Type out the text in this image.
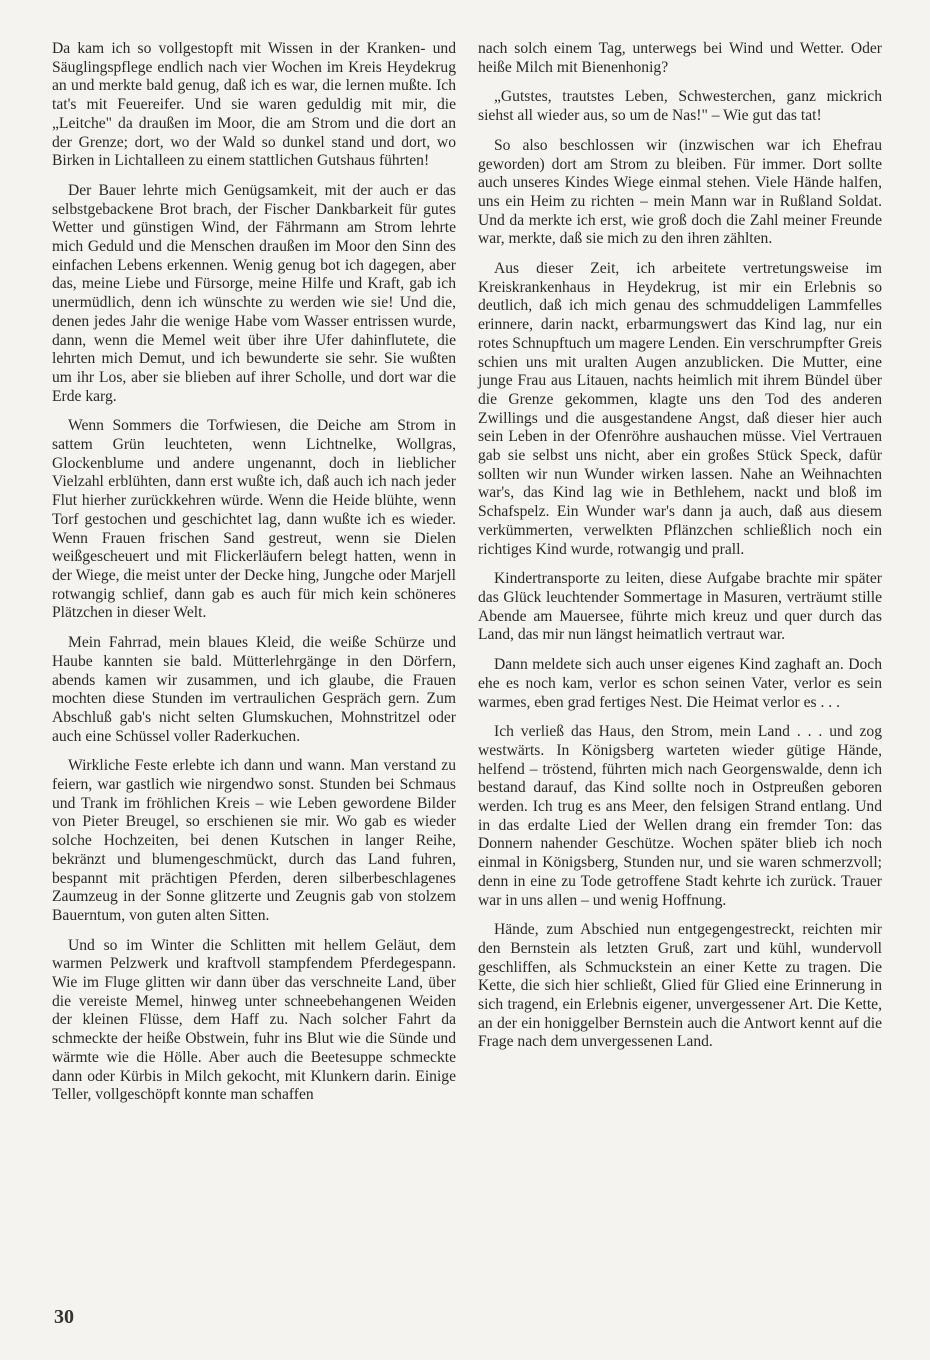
Da kam ich so vollgestopft mit Wissen in der Kranken- und Säuglingspflege endlich nach vier Wochen im Kreis Heydekrug an und merkte bald genug, daß ich es war, die lernen mußte. Ich tat's mit Feuereifer. Und sie waren geduldig mit mir, die „Leitche" da draußen im Moor, die am Strom und die dort an der Grenze; dort, wo der Wald so dunkel stand und dort, wo Birken in Lichtalleen zu einem stattlichen Gutshaus führten!

Der Bauer lehrte mich Genügsamkeit, mit der auch er das selbstgebackene Brot brach, der Fischer Dankbarkeit für gutes Wetter und günstigen Wind, der Fährmann am Strom lehrte mich Geduld und die Menschen draußen im Moor den Sinn des einfachen Lebens erkennen. Wenig genug bot ich dagegen, aber das, meine Liebe und Fürsorge, meine Hilfe und Kraft, gab ich unermüdlich, denn ich wünschte zu werden wie sie! Und die, denen jedes Jahr die wenige Habe vom Wasser entrissen wurde, dann, wenn die Memel weit über ihre Ufer dahinflutete, die lehrten mich Demut, und ich bewunderte sie sehr. Sie wußten um ihr Los, aber sie blieben auf ihrer Scholle, und dort war die Erde karg.

Wenn Sommers die Torfwiesen, die Deiche am Strom in sattem Grün leuchteten, wenn Lichtnelke, Wollgras, Glockenblume und andere ungenannt, doch in lieblicher Vielzahl erblühten, dann erst wußte ich, daß auch ich nach jeder Flut hierher zurückkehren würde. Wenn die Heide blühte, wenn Torf gestochen und geschichtet lag, dann wußte ich es wieder. Wenn Frauen frischen Sand gestreut, wenn sie Dielen weißgescheuert und mit Flickerläufern belegt hatten, wenn in der Wiege, die meist unter der Decke hing, Jungche oder Marjell rotwangig schlief, dann gab es auch für mich kein schöneres Plätzchen in dieser Welt.

Mein Fahrrad, mein blaues Kleid, die weiße Schürze und Haube kannten sie bald. Mütterlehrgänge in den Dörfern, abends kamen wir zusammen, und ich glaube, die Frauen mochten diese Stunden im vertraulichen Gespräch gern. Zum Abschluß gab's nicht selten Glumskuchen, Mohnstritzel oder auch eine Schüssel voller Raderkuchen.

Wirkliche Feste erlebte ich dann und wann. Man verstand zu feiern, war gastlich wie nirgendwo sonst. Stunden bei Schmaus und Trank im fröhlichen Kreis – wie Leben gewordene Bilder von Pieter Breugel, so erschienen sie mir. Wo gab es wieder solche Hochzeiten, bei denen Kutschen in langer Reihe, bekränzt und blumengeschmückt, durch das Land fuhren, bespannt mit prächtigen Pferden, deren silberbeschlagenes Zaumzeug in der Sonne glitzerte und Zeugnis gab von stolzem Bauerntum, von guten alten Sitten.

Und so im Winter die Schlitten mit hellem Geläut, dem warmen Pelzwerk und kraftvoll stampfendem Pferdegespann. Wie im Fluge glitten wir dann über das verschneite Land, über die vereiste Memel, hinweg unter schneebehangenen Weiden der kleinen Flüsse, dem Haff zu. Nach solcher Fahrt da schmeckte der heiße Obstwein, fuhr ins Blut wie die Sünde und wärmte wie die Hölle. Aber auch die Beetesuppe schmeckte dann oder Kürbis in Milch gekocht, mit Klunkern darin. Einige Teller, vollgeschöpft konnte man schaffen

nach solch einem Tag, unterwegs bei Wind und Wetter. Oder heiße Milch mit Bienenhonig?

„Gutstes, trautstes Leben, Schwesterchen, ganz mickrich siehst all wieder aus, so um de Nas!" – Wie gut das tat!

So also beschlossen wir (inzwischen war ich Ehefrau geworden) dort am Strom zu bleiben. Für immer. Dort sollte auch unseres Kindes Wiege einmal stehen. Viele Hände halfen, uns ein Heim zu richten – mein Mann war in Rußland Soldat. Und da merkte ich erst, wie groß doch die Zahl meiner Freunde war, merkte, daß sie mich zu den ihren zählten.

Aus dieser Zeit, ich arbeitete vertretungsweise im Kreiskrankenhaus in Heydekrug, ist mir ein Erlebnis so deutlich, daß ich mich genau des schmuddeligen Lammfelles erinnere, darin nackt, erbarmungswert das Kind lag, nur ein rotes Schnupftuch um magere Lenden. Ein verschrumpfter Greis schien uns mit uralten Augen anzublicken. Die Mutter, eine junge Frau aus Litauen, nachts heimlich mit ihrem Bündel über die Grenze gekommen, klagte uns den Tod des anderen Zwillings und die ausgestandene Angst, daß dieser hier auch sein Leben in der Ofenröhre aushauchen müsse. Viel Vertrauen gab sie selbst uns nicht, aber ein großes Stück Speck, dafür sollten wir nun Wunder wirken lassen. Nahe an Weihnachten war's, das Kind lag wie in Bethlehem, nackt und bloß im Schafspelz. Ein Wunder war's dann ja auch, daß aus diesem verkümmerten, verwelkten Pflänzchen schließlich noch ein richtiges Kind wurde, rotwangig und prall.

Kindertransporte zu leiten, diese Aufgabe brachte mir später das Glück leuchtender Sommertage in Masuren, verträumt stille Abende am Mauersee, führte mich kreuz und quer durch das Land, das mir nun längst heimatlich vertraut war.

Dann meldete sich auch unser eigenes Kind zaghaft an. Doch ehe es noch kam, verlor es schon seinen Vater, verlor es sein warmes, eben grad fertiges Nest. Die Heimat verlor es . . .

Ich verließ das Haus, den Strom, mein Land . . . und zog westwärts. In Königsberg warteten wieder gütige Hände, helfend – tröstend, führten mich nach Georgenswalde, denn ich bestand darauf, das Kind sollte noch in Ostpreußen geboren werden. Ich trug es ans Meer, den felsigen Strand entlang. Und in das erdalte Lied der Wellen drang ein fremder Ton: das Donnern nahender Geschütze. Wochen später blieb ich noch einmal in Königsberg, Stunden nur, und sie waren schmerzvoll; denn in eine zu Tode getroffene Stadt kehrte ich zurück. Trauer war in uns allen – und wenig Hoffnung.

Hände, zum Abschied nun entgegengestreckt, reichten mir den Bernstein als letzten Gruß, zart und kühl, wundervoll geschliffen, als Schmuckstein an einer Kette zu tragen. Die Kette, die sich hier schließt, Glied für Glied eine Erinnerung in sich tragend, ein Erlebnis eigener, unvergessener Art. Die Kette, an der ein honiggelber Bernstein auch die Antwort kennt auf die Frage nach dem unvergessenen Land.

30
